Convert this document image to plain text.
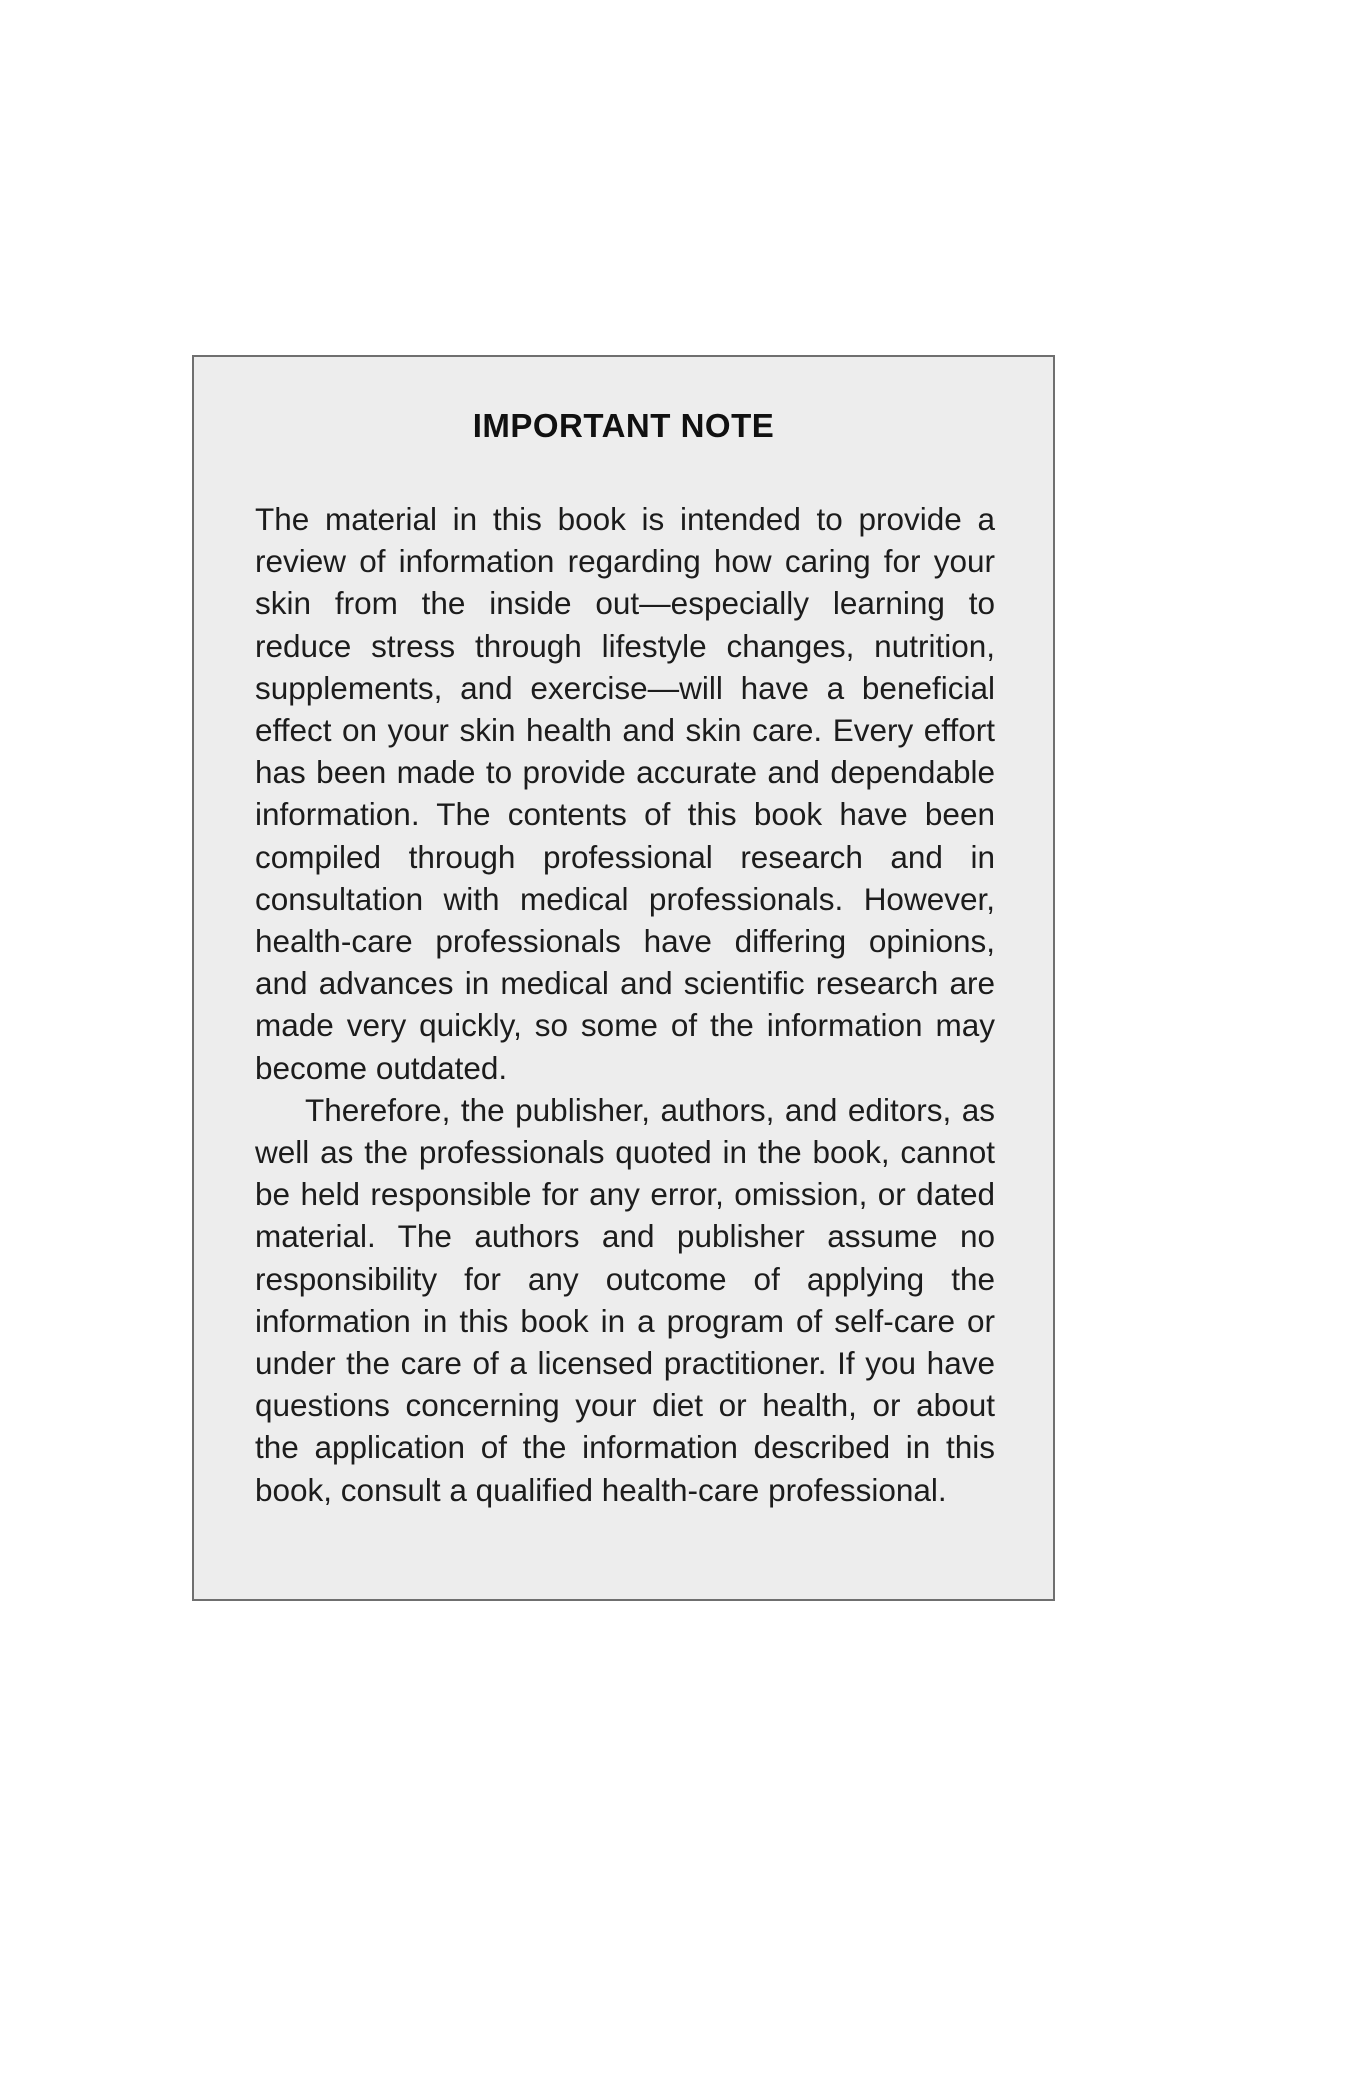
IMPORTANT NOTE

The material in this book is intended to provide a review of information regarding how caring for your skin from the inside out—especially learning to reduce stress through lifestyle changes, nutrition, supplements, and exercise—will have a beneficial effect on your skin health and skin care. Every effort has been made to provide accurate and dependable information. The contents of this book have been compiled through professional research and in consultation with medical professionals. However, health-care professionals have differing opinions, and advances in medical and scientific research are made very quickly, so some of the information may become outdated.

Therefore, the publisher, authors, and editors, as well as the professionals quoted in the book, cannot be held responsible for any error, omission, or dated material. The authors and publisher assume no responsibility for any outcome of applying the information in this book in a program of self-care or under the care of a licensed practitioner. If you have questions concerning your diet or health, or about the application of the information described in this book, consult a qualified health-care professional.
